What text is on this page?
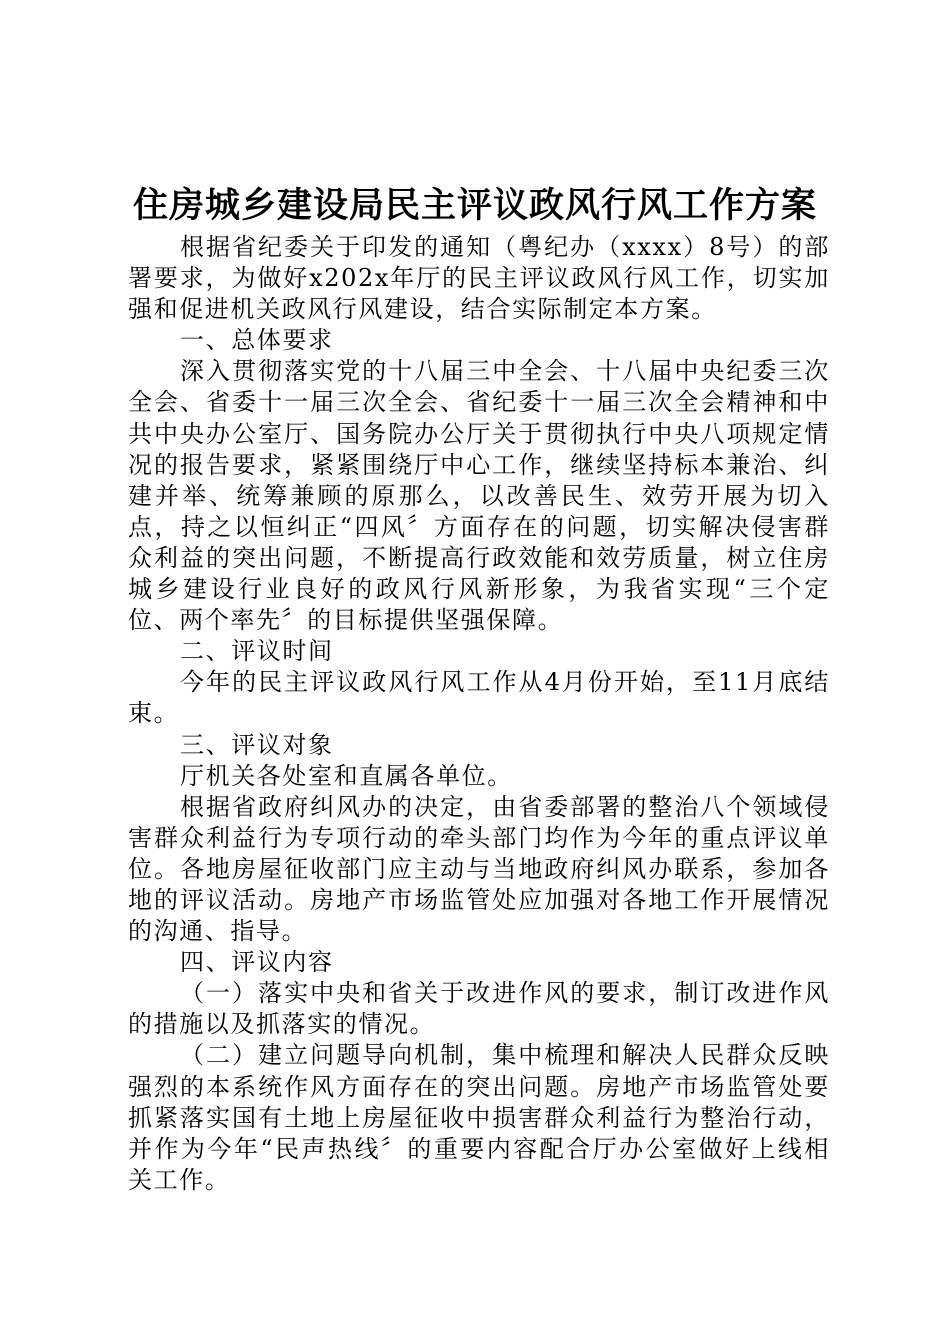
住房城乡建设局民主评议政风行风工作方案

根据省纪委关于印发的通知（粤纪办（xxxx）8号）的部署要求，为做好x202x年厅的民主评议政风行风工作，切实加强和促进机关政风行风建设，结合实际制定本方案。

一、总体要求

深入贯彻落实党的十八届三中全会、十八届中央纪委三次全会、省委十一届三次全会、省纪委十一届三次全会精神和中共中央办公室厅、国务院办公厅关于贯彻执行中央八项规定情况的报告要求，紧紧围绕厅中心工作，继续坚持标本兼治、纠建并举、统筹兼顾的原那么，以改善民生、效劳开展为切入点，持之以恒纠正“四风〞方面存在的问题，切实解决侵害群众利益的突出问题，不断提高行政效能和效劳质量，树立住房城乡建设行业良好的政风行风新形象，为我省实现“三个定位、两个率先〞的目标提供坚强保障。

二、评议时间

今年的民主评议政风行风工作从4月份开始，至11月底结束。

三、评议对象

厅机关各处室和直属各单位。

根据省政府纠风办的决定，由省委部署的整治八个领域侵害群众利益行为专项行动的牵头部门均作为今年的重点评议单位。各地房屋征收部门应主动与当地政府纠风办联系，参加各地的评议活动。房地产市场监管处应加强对各地工作开展情况的沟通、指导。

四、评议内容

（一）落实中央和省关于改进作风的要求，制订改进作风的措施以及抓落实的情况。

（二）建立问题导向机制，集中梳理和解决人民群众反映强烈的本系统作风方面存在的突出问题。房地产市场监管处要抓紧落实国有土地上房屋征收中损害群众利益行为整治行动，并作为今年“民声热线〞的重要内容配合厅办公室做好上线相关工作。
